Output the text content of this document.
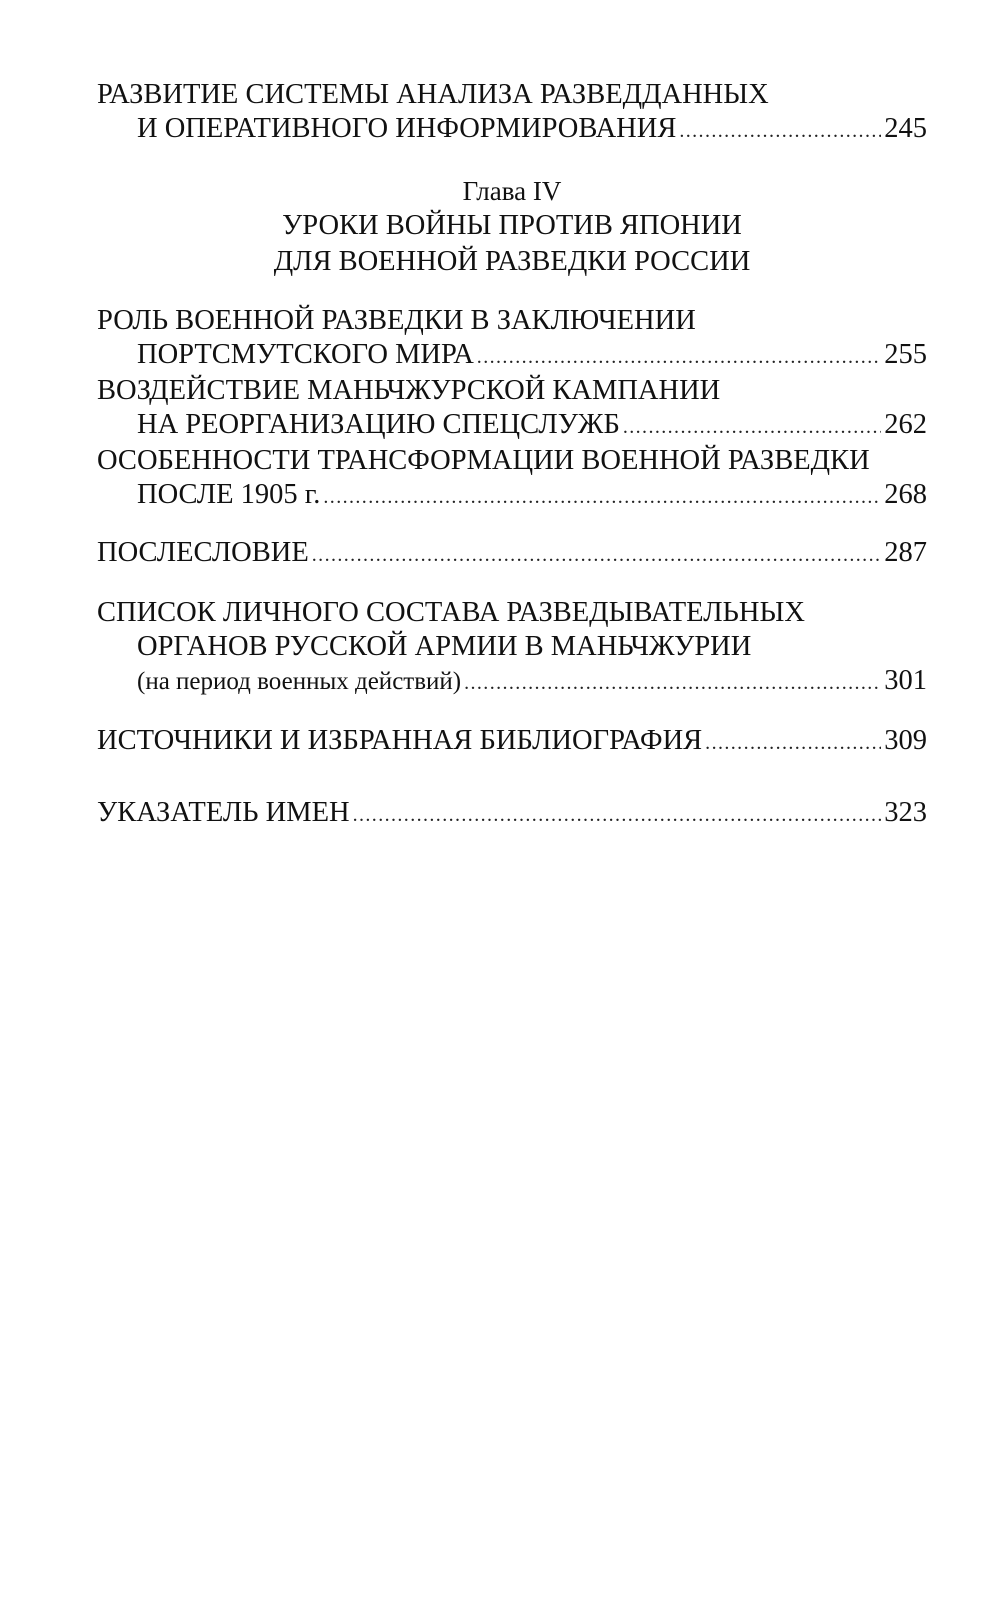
РАЗВИТИЕ СИСТЕМЫ АНАЛИЗА РАЗВЕДДАННЫХ
И ОПЕРАТИВНОГО ИНФОРМИРОВАНИЯ .....	245
Глава IV
УРОКИ ВОЙНЫ ПРОТИВ ЯПОНИИ
ДЛЯ ВОЕННОЙ РАЗВЕДКИ РОССИИ
РОЛЬ ВОЕННОЙ РАЗВЕДКИ В ЗАКЛЮЧЕНИИ
ПОРТСМУТСКОГО МИРА .....	255
ВОЗДЕЙСТВИЕ МАНЬЧЖУРСКОЙ КАМПАНИИ
НА РЕОРГАНИЗАЦИЮ СПЕЦСЛУЖБ .....	262
ОСОБЕННОСТИ ТРАНСФОРМАЦИИ ВОЕННОЙ РАЗВЕДКИ
ПОСЛЕ 1905 г. .....	268
ПОСЛЕСЛОВИЕ .....	287
СПИСОК ЛИЧНОГО СОСТАВА РАЗВЕДЫВАТЕЛЬНЫХ
ОРГАНОВ РУССКОЙ АРМИИ В МАНЬЧЖУРИИ
(на период военных действий) .....	301
ИСТОЧНИКИ И ИЗБРАННАЯ БИБЛИОГРАФИЯ .....	309
УКАЗАТЕЛЬ ИМЕН .....	323
